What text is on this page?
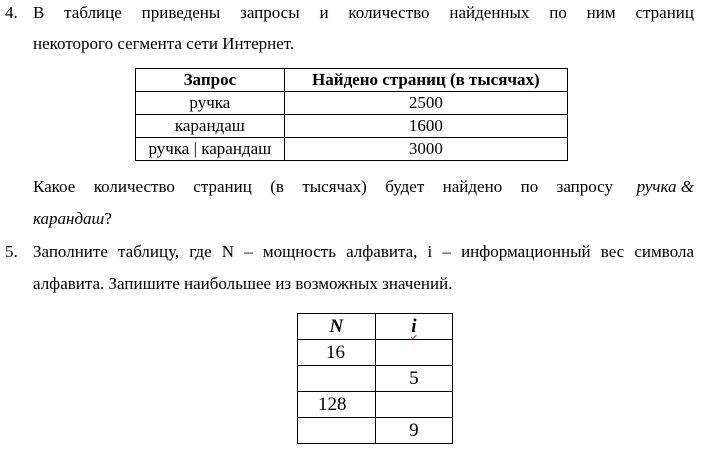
4. В таблице приведены запросы и количество найденных по ним страниц
некоторого сегмента сети Интернет.
Запрос	Найдено страниц (в тысячах)
ручка	2500
карандаш	1600
ручка | карандаш	3000
Какое количество страниц (в тысячах) будет найдено по запросу ручка &
карандаш?
5. Заполните таблицу, где N – мощность алфавита, i – информационный вес символа
алфавита. Запишите наибольшее из возможных значений.
N	i
16	
	5
128	
	9
